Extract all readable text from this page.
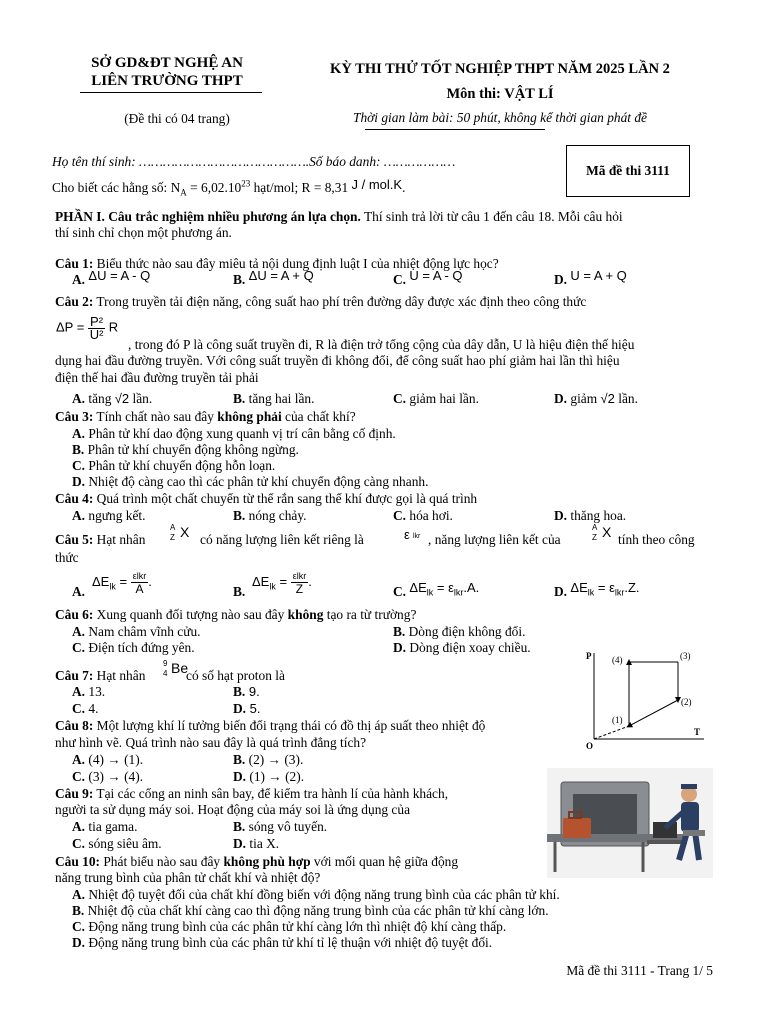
SỞ GD&ĐT NGHỆ AN
LIÊN TRƯỜNG THPT
(Đề thi có 04 trang)
KỲ THI THỬ TỐT NGHIỆP THPT NĂM 2025 LẦN 2
Môn thi: VẬT LÍ
Thời gian làm bài: 50 phút, không kể thời gian phát đề
Mã đề thi 3111
Họ tên thí sinh: …………………………………….Số báo danh: ………………
Cho biết các hằng số: $N_A = 6,02.10^{23}$ hạt/mol; R = 8,31 J / mol.K.
PHẦN I. Câu trắc nghiệm nhiều phương án lựa chọn. Thí sinh trả lời từ câu 1 đến câu 18. Mỗi câu hỏi
thí sinh chỉ chọn một phương án.
Câu 1: Biểu thức nào sau đây miêu tả nội dung định luật I của nhiệt động lực học?
A. ΔU = A - Q	B. ΔU = A + Q	C. U = A - Q	D. U = A + Q
Câu 2: Trong truyền tải điện năng, công suất hao phí trên đường dây được xác định theo công thức
$\Delta P = \frac{\text{P²}}{\text{U²}}$ R
, trong đó P là công suất truyền đi, R là điện trở tổng cộng của dây dẫn, U là hiệu điện thế hiệu
dụng hai đầu đường truyền. Với công suất truyền đi không đổi, để công suất hao phí giảm hai lần thì hiệu
điện thế hai đầu đường truyền tải phải
A. tăng √2 lần.	B. tăng hai lần.	C. giảm hai lần.	D. giảm √2 lần.
Câu 3: Tính chất nào sau đây không phải của chất khí?
A. Phân tử khí dao động xung quanh vị trí cân bằng cố định.
B. Phân tử khí chuyển động không ngừng.
C. Phân tử khí chuyển động hỗn loạn.
D. Nhiệt độ càng cao thì các phân tử khí chuyển động càng nhanh.
Câu 4: Quá trình một chất chuyển từ thể rắn sang thể khí được gọi là quá trình
A. ngưng kết.	B. nóng chảy.	C. hóa hơi.	D. thăng hoa.
Câu 5: Hạt nhân
A
Z X có năng lượng liên kết riêng là	ε lkr , năng lượng liên kết của
A
Z X tính theo công
thức
A.
$\Delta E_{lk} = \frac{\text{εlkr}}{A}$ .
B.
$\Delta E_{lk} = \frac{\text{εlkr}}{Z}$ .
C. $\Delta E_{lk} = \varepsilon_{lkr}.A$.	D. $\Delta E_{lk} = \varepsilon_{lkr}.Z$.
Câu 6: Xung quanh đối tượng nào sau đây không tạo ra từ trường?
A. Nam châm vĩnh cửu.	B. Dòng điện không đổi.
C. Điện tích đứng yên.	D. Dòng điện xoay chiều.
Câu 7: Hạt nhân
9
4 Be
có số hạt proton là
A. 13.	B. 9.
C. 4.	D. 5.
Câu 8: Một lượng khí lí tưởng biến đổi trạng thái có đồ thị áp suất theo nhiệt độ
như hình vẽ. Quá trình nào sau đây là quá trình đẳng tích?
A. (4) → (1).	B. (2) → (3).
C. (3) → (4).	D. (1) → (2).
P
T
O
(4)	(3)
(2)
(1)
Câu 9: Tại các cổng an ninh sân bay, để kiểm tra hành lí của hành khách,
người ta sử dụng máy soi. Hoạt động của máy soi là ứng dụng của
A. tia gama.	B. sóng vô tuyến.
C. sóng siêu âm.	D. tia X.
Câu 10: Phát biểu nào sau đây không phù hợp với mối quan hệ giữa động
năng trung bình của phân tử chất khí và nhiệt độ?
A. Nhiệt độ tuyệt đối của chất khí đồng biến với động năng trung bình của các phân tử khí.
B. Nhiệt độ của chất khí càng cao thì động năng trung bình của các phân tử khí càng lớn.
C. Động năng trung bình của các phân tử khí càng lớn thì nhiệt độ khí càng thấp.
D. Động năng trung bình của các phân tử khí tỉ lệ thuận với nhiệt độ tuyệt đối.
Mã đề thi 3111 - Trang 1/ 5
